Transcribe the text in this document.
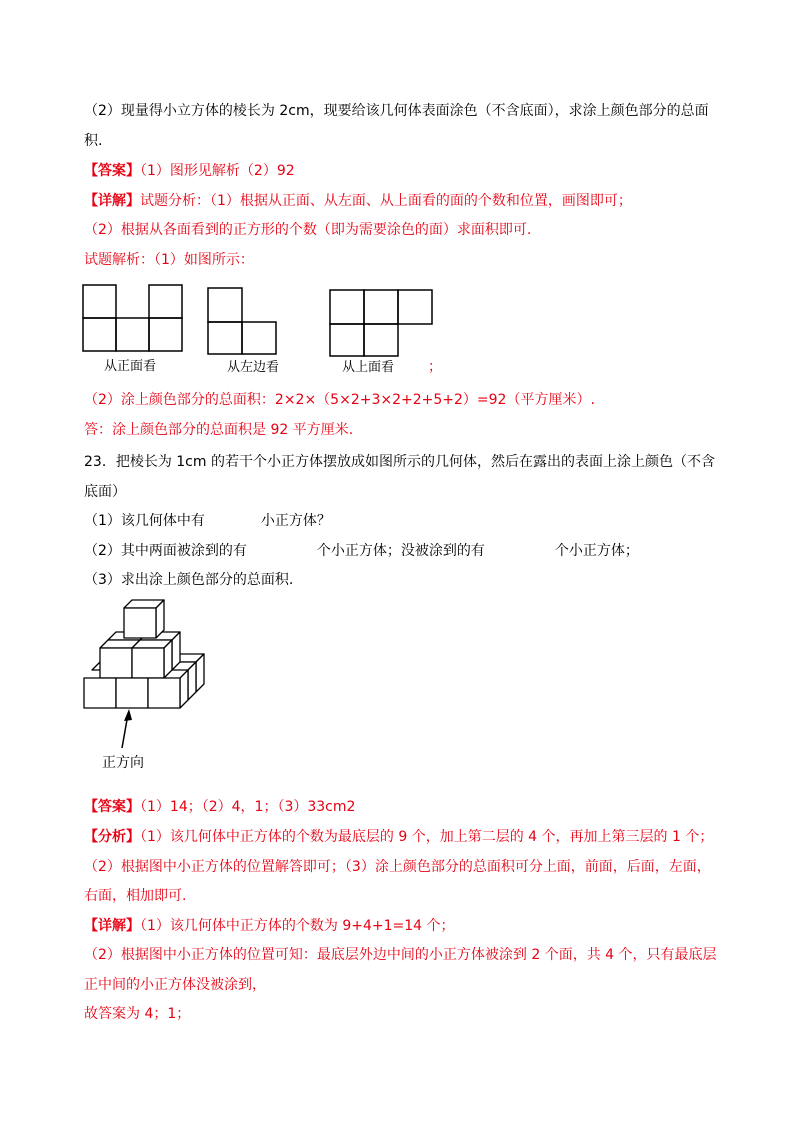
（2）现量得小立方体的棱长为 2cm，现要给该几何体表面涂色（不含底面），求涂上颜色部分的总面
积.
【答案】（1）图形见解析（2）92
【详解】试题分析：（1）根据从正面、从左面、从上面看的面的个数和位置，画图即可；
（2）根据从各面看到的正方形的个数（即为需要涂色的面）求面积即可.
试题解析：（1）如图所示：
从正面看	从左边看	从上面看 ；
（2）涂上颜色部分的总面积：2×2×（5×2+3×2+2+5+2）=92（平方厘米）.
答：涂上颜色部分的总面积是 92 平方厘米.
23．把棱长为 1cm 的若干个小正方体摆放成如图所示的几何体，然后在露出的表面上涂上颜色（不含
底面）
（1）该几何体中有　　　　小正方体？
（2）其中两面被涂到的有　　　　　个小正方体；没被涂到的有　　　　　个小正方体；
（3）求出涂上颜色部分的总面积.
正方向
【答案】（1）14；（2）4，1；（3）33cm2
【分析】（1）该几何体中正方体的个数为最底层的 9 个，加上第二层的 4 个，再加上第三层的 1 个；
（2）根据图中小正方体的位置解答即可；（3）涂上颜色部分的总面积可分上面，前面，后面，左面，
右面，相加即可.
【详解】（1）该几何体中正方体的个数为 9+4+1=14 个；
（2）根据图中小正方体的位置可知：最底层外边中间的小正方体被涂到 2 个面，共 4 个，只有最底层
正中间的小正方体没被涂到，
故答案为 4；1；
